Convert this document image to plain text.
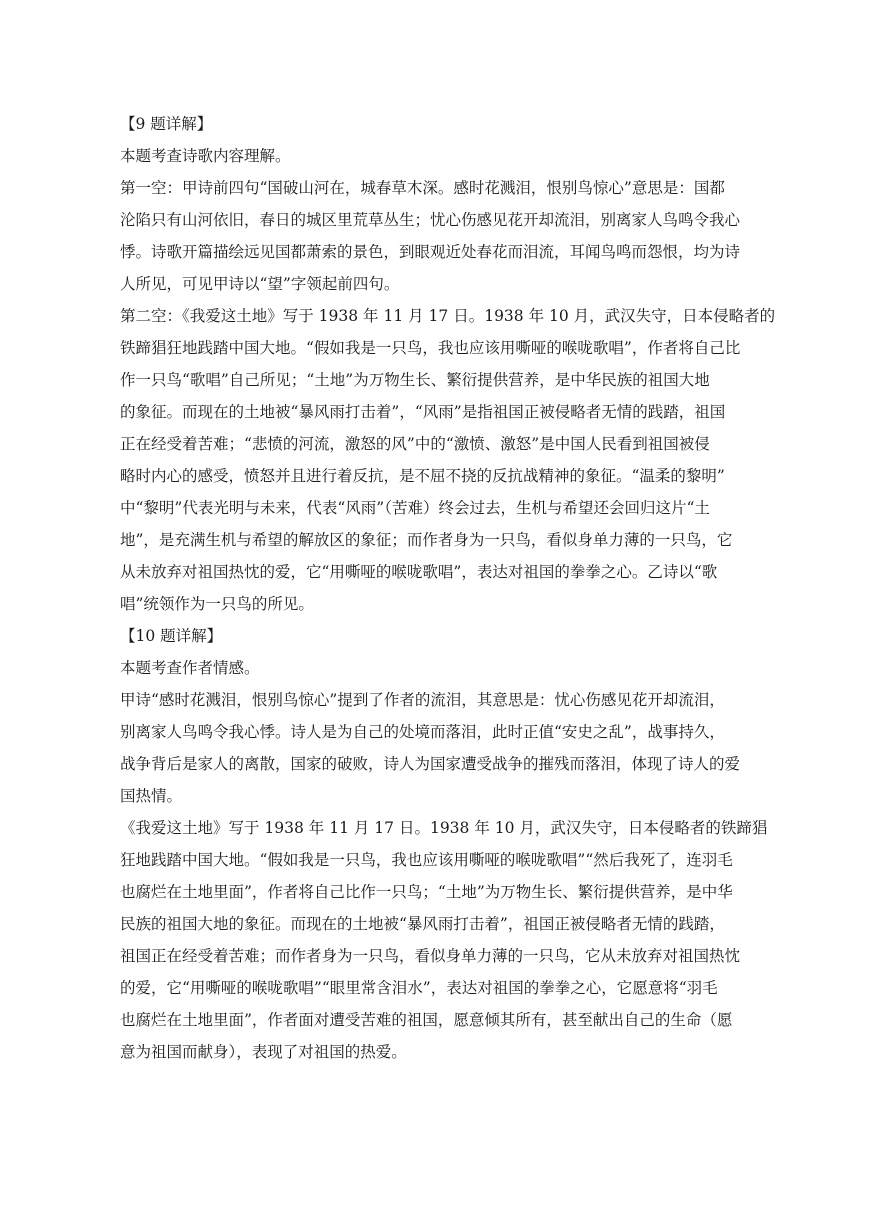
【9 题详解】
本题考查诗歌内容理解。
第一空：甲诗前四句“国破山河在，城春草木深。感时花溅泪，恨别鸟惊心”意思是：国都
沦陷只有山河依旧，春日的城区里荒草丛生；忧心伤感见花开却流泪，别离家人鸟鸣令我心
悸。诗歌开篇描绘远见国都萧索的景色，到眼观近处春花而泪流，耳闻鸟鸣而怨恨，均为诗
人所见，可见甲诗以“望”字领起前四句。
第二空：《我爱这土地》写于 1938 年 11 月 17 日。1938 年 10 月，武汉失守，日本侵略者的
铁蹄猖狂地践踏中国大地。“假如我是一只鸟，我也应该用嘶哑的喉咙歌唱”，作者将自己比
作一只鸟“歌唱”自己所见；“土地”为万物生长、繁衍提供营养，是中华民族的祖国大地
的象征。而现在的土地被“暴风雨打击着”，“风雨”是指祖国正被侵略者无情的践踏，祖国
正在经受着苦难；“悲愤的河流，激怒的风”中的“激愤、激怒”是中国人民看到祖国被侵
略时内心的感受，愤怒并且进行着反抗，是不屈不挠的反抗战精神的象征。“温柔的黎明”
中“黎明”代表光明与未来，代表“风雨”（苦难）终会过去，生机与希望还会回归这片“土
地”，是充满生机与希望的解放区的象征；而作者身为一只鸟，看似身单力薄的一只鸟，它
从未放弃对祖国热忱的爱，它“用嘶哑的喉咙歌唱”，表达对祖国的拳拳之心。乙诗以“歌
唱”统领作为一只鸟的所见。
【10 题详解】
本题考查作者情感。
甲诗“感时花溅泪，恨别鸟惊心”提到了作者的流泪，其意思是：忧心伤感见花开却流泪，
别离家人鸟鸣令我心悸。诗人是为自己的处境而落泪，此时正值“安史之乱”，战事持久，
战争背后是家人的离散，国家的破败，诗人为国家遭受战争的摧残而落泪，体现了诗人的爱
国热情。
《我爱这土地》写于 1938 年 11 月 17 日。1938 年 10 月，武汉失守，日本侵略者的铁蹄猖
狂地践踏中国大地。“假如我是一只鸟，我也应该用嘶哑的喉咙歌唱”“然后我死了，连羽毛
也腐烂在土地里面”，作者将自己比作一只鸟；“土地”为万物生长、繁衍提供营养，是中华
民族的祖国大地的象征。而现在的土地被“暴风雨打击着”，祖国正被侵略者无情的践踏，
祖国正在经受着苦难；而作者身为一只鸟，看似身单力薄的一只鸟，它从未放弃对祖国热忱
的爱，它“用嘶哑的喉咙歌唱”“眼里常含泪水”，表达对祖国的拳拳之心，它愿意将“羽毛
也腐烂在土地里面”，作者面对遭受苦难的祖国，愿意倾其所有，甚至献出自己的生命（愿
意为祖国而献身），表现了对祖国的热爱。
